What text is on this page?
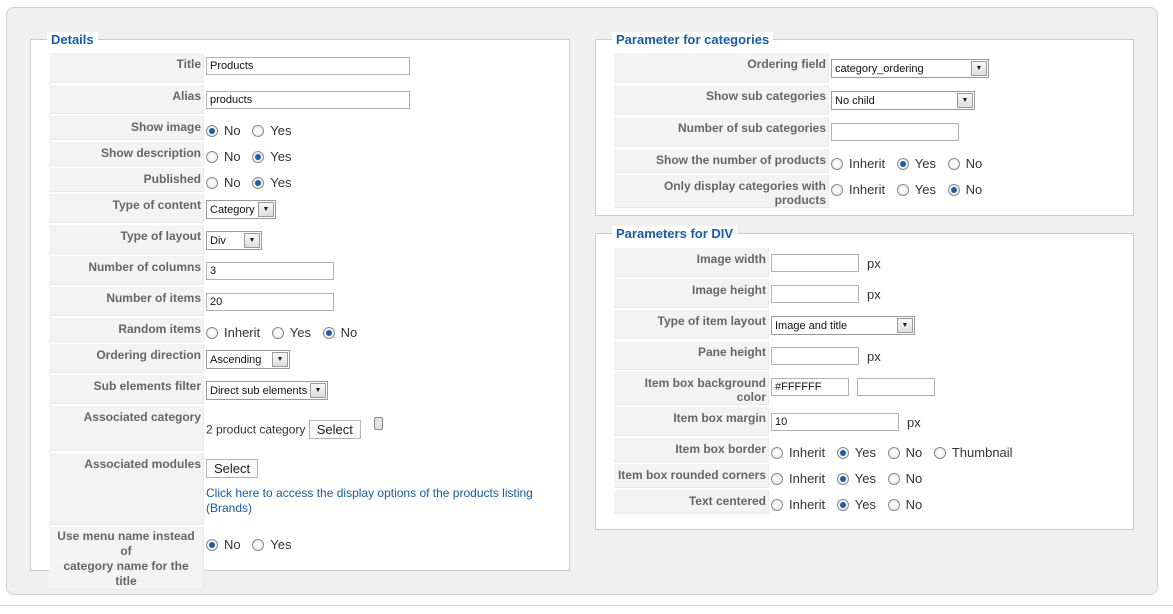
Details
Title	Products
Alias	products
Show image	No Yes
Show description	No Yes
Published	No Yes
Type of content	Category ▼

Type of layout	Div ▼

Number of columns	3
Number of items	20
Random items	Inherit Yes No
Ordering direction	Ascending ▼

Sub elements filter	Direct sub elements ▼

Associated category	2 product category Select
Associated modules	Select
Click here to access the display options of the products listing (Brands)
Use menu name instead of
category name for the title	No Yes
Parameter for categories
Ordering field	category_ordering ▼

Show sub categories	No child ▼

Number of sub categories	
Show the number of products	Inherit Yes No
Only display categories with products	Inherit Yes No
Parameters for DIV
Image width	px
Image height	px
Type of item layout	Image and title ▼

Pane height	px
Item box background color	#FFFFFF
Item box margin	10 px
Item box border	Inherit Yes No Thumbnail
Item box rounded corners	Inherit Yes No
Text centered	Inherit Yes No
